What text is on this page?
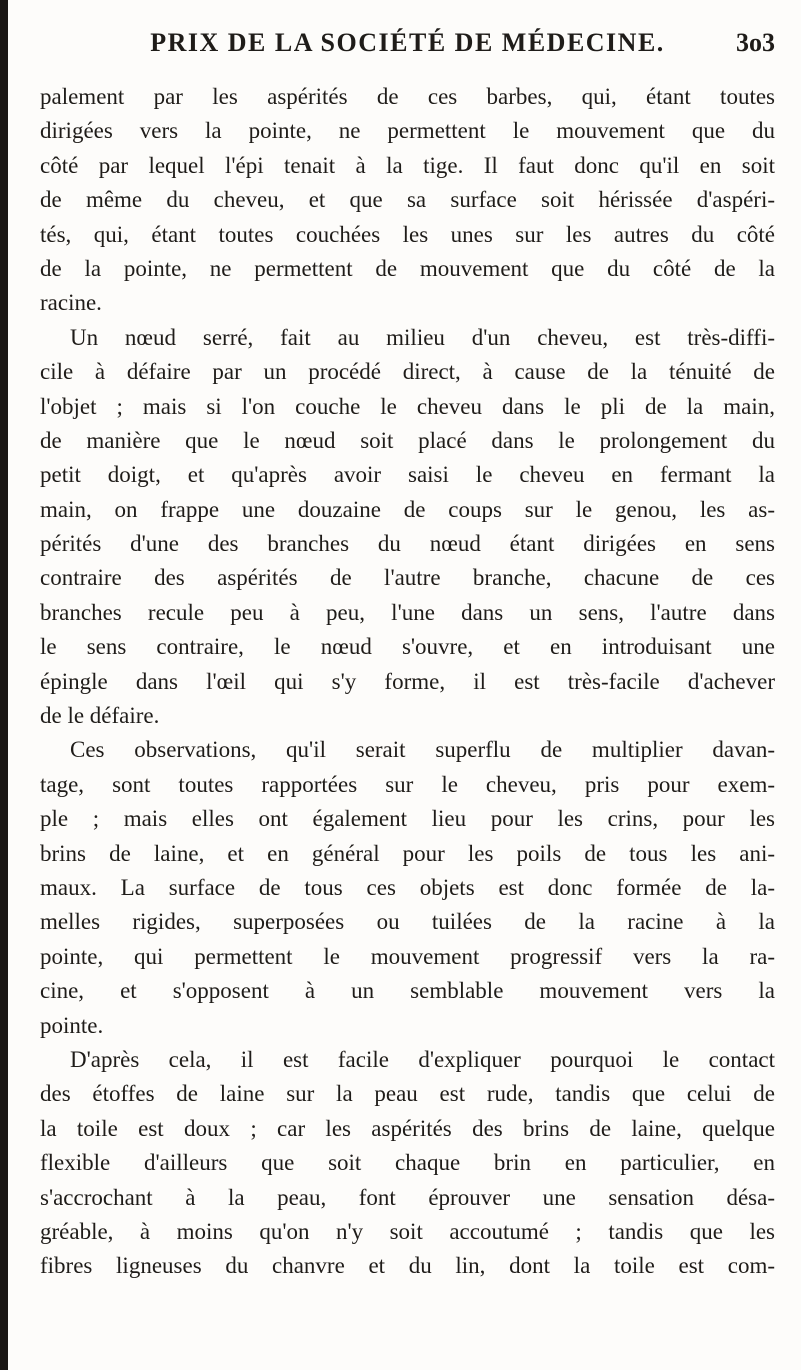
PRIX DE LA SOCIÉTÉ DE MÉDECINE.	3o3
palement par les aspérités de ces barbes, qui, étant toutes
dirigées vers la pointe, ne permettent le mouvement que du
côté par lequel l'épi tenait à la tige. Il faut donc qu'il en soit
de même du cheveu, et que sa surface soit hérissée d'aspéri-
tés, qui, étant toutes couchées les unes sur les autres du côté
de la pointe, ne permettent de mouvement que du côté de la
racine.
Un nœud serré, fait au milieu d'un cheveu, est très-diffi-
cile à défaire par un procédé direct, à cause de la ténuité de
l'objet ; mais si l'on couche le cheveu dans le pli de la main,
de manière que le nœud soit placé dans le prolongement du
petit doigt, et qu'après avoir saisi le cheveu en fermant la
main, on frappe une douzaine de coups sur le genou, les as-
pérités d'une des branches du nœud étant dirigées en sens
contraire des aspérités de l'autre branche, chacune de ces
branches recule peu à peu, l'une dans un sens, l'autre dans
le sens contraire, le nœud s'ouvre, et en introduisant une
épingle dans l'œil qui s'y forme, il est très-facile d'achever
de le défaire.
Ces observations, qu'il serait superflu de multiplier davan-
tage, sont toutes rapportées sur le cheveu, pris pour exem-
ple ; mais elles ont également lieu pour les crins, pour les
brins de laine, et en général pour les poils de tous les ani-
maux. La surface de tous ces objets est donc formée de la-
melles rigides, superposées ou tuilées de la racine à la
pointe, qui permettent le mouvement progressif vers la ra-
cine, et s'opposent à un semblable mouvement vers la
pointe.
D'après cela, il est facile d'expliquer pourquoi le contact
des étoffes de laine sur la peau est rude, tandis que celui de
la toile est doux ; car les aspérités des brins de laine, quelque
flexible d'ailleurs que soit chaque brin en particulier, en
s'accrochant à la peau, font éprouver une sensation désa-
gréable, à moins qu'on n'y soit accoutumé ; tandis que les
fibres ligneuses du chanvre et du lin, dont la toile est com-
